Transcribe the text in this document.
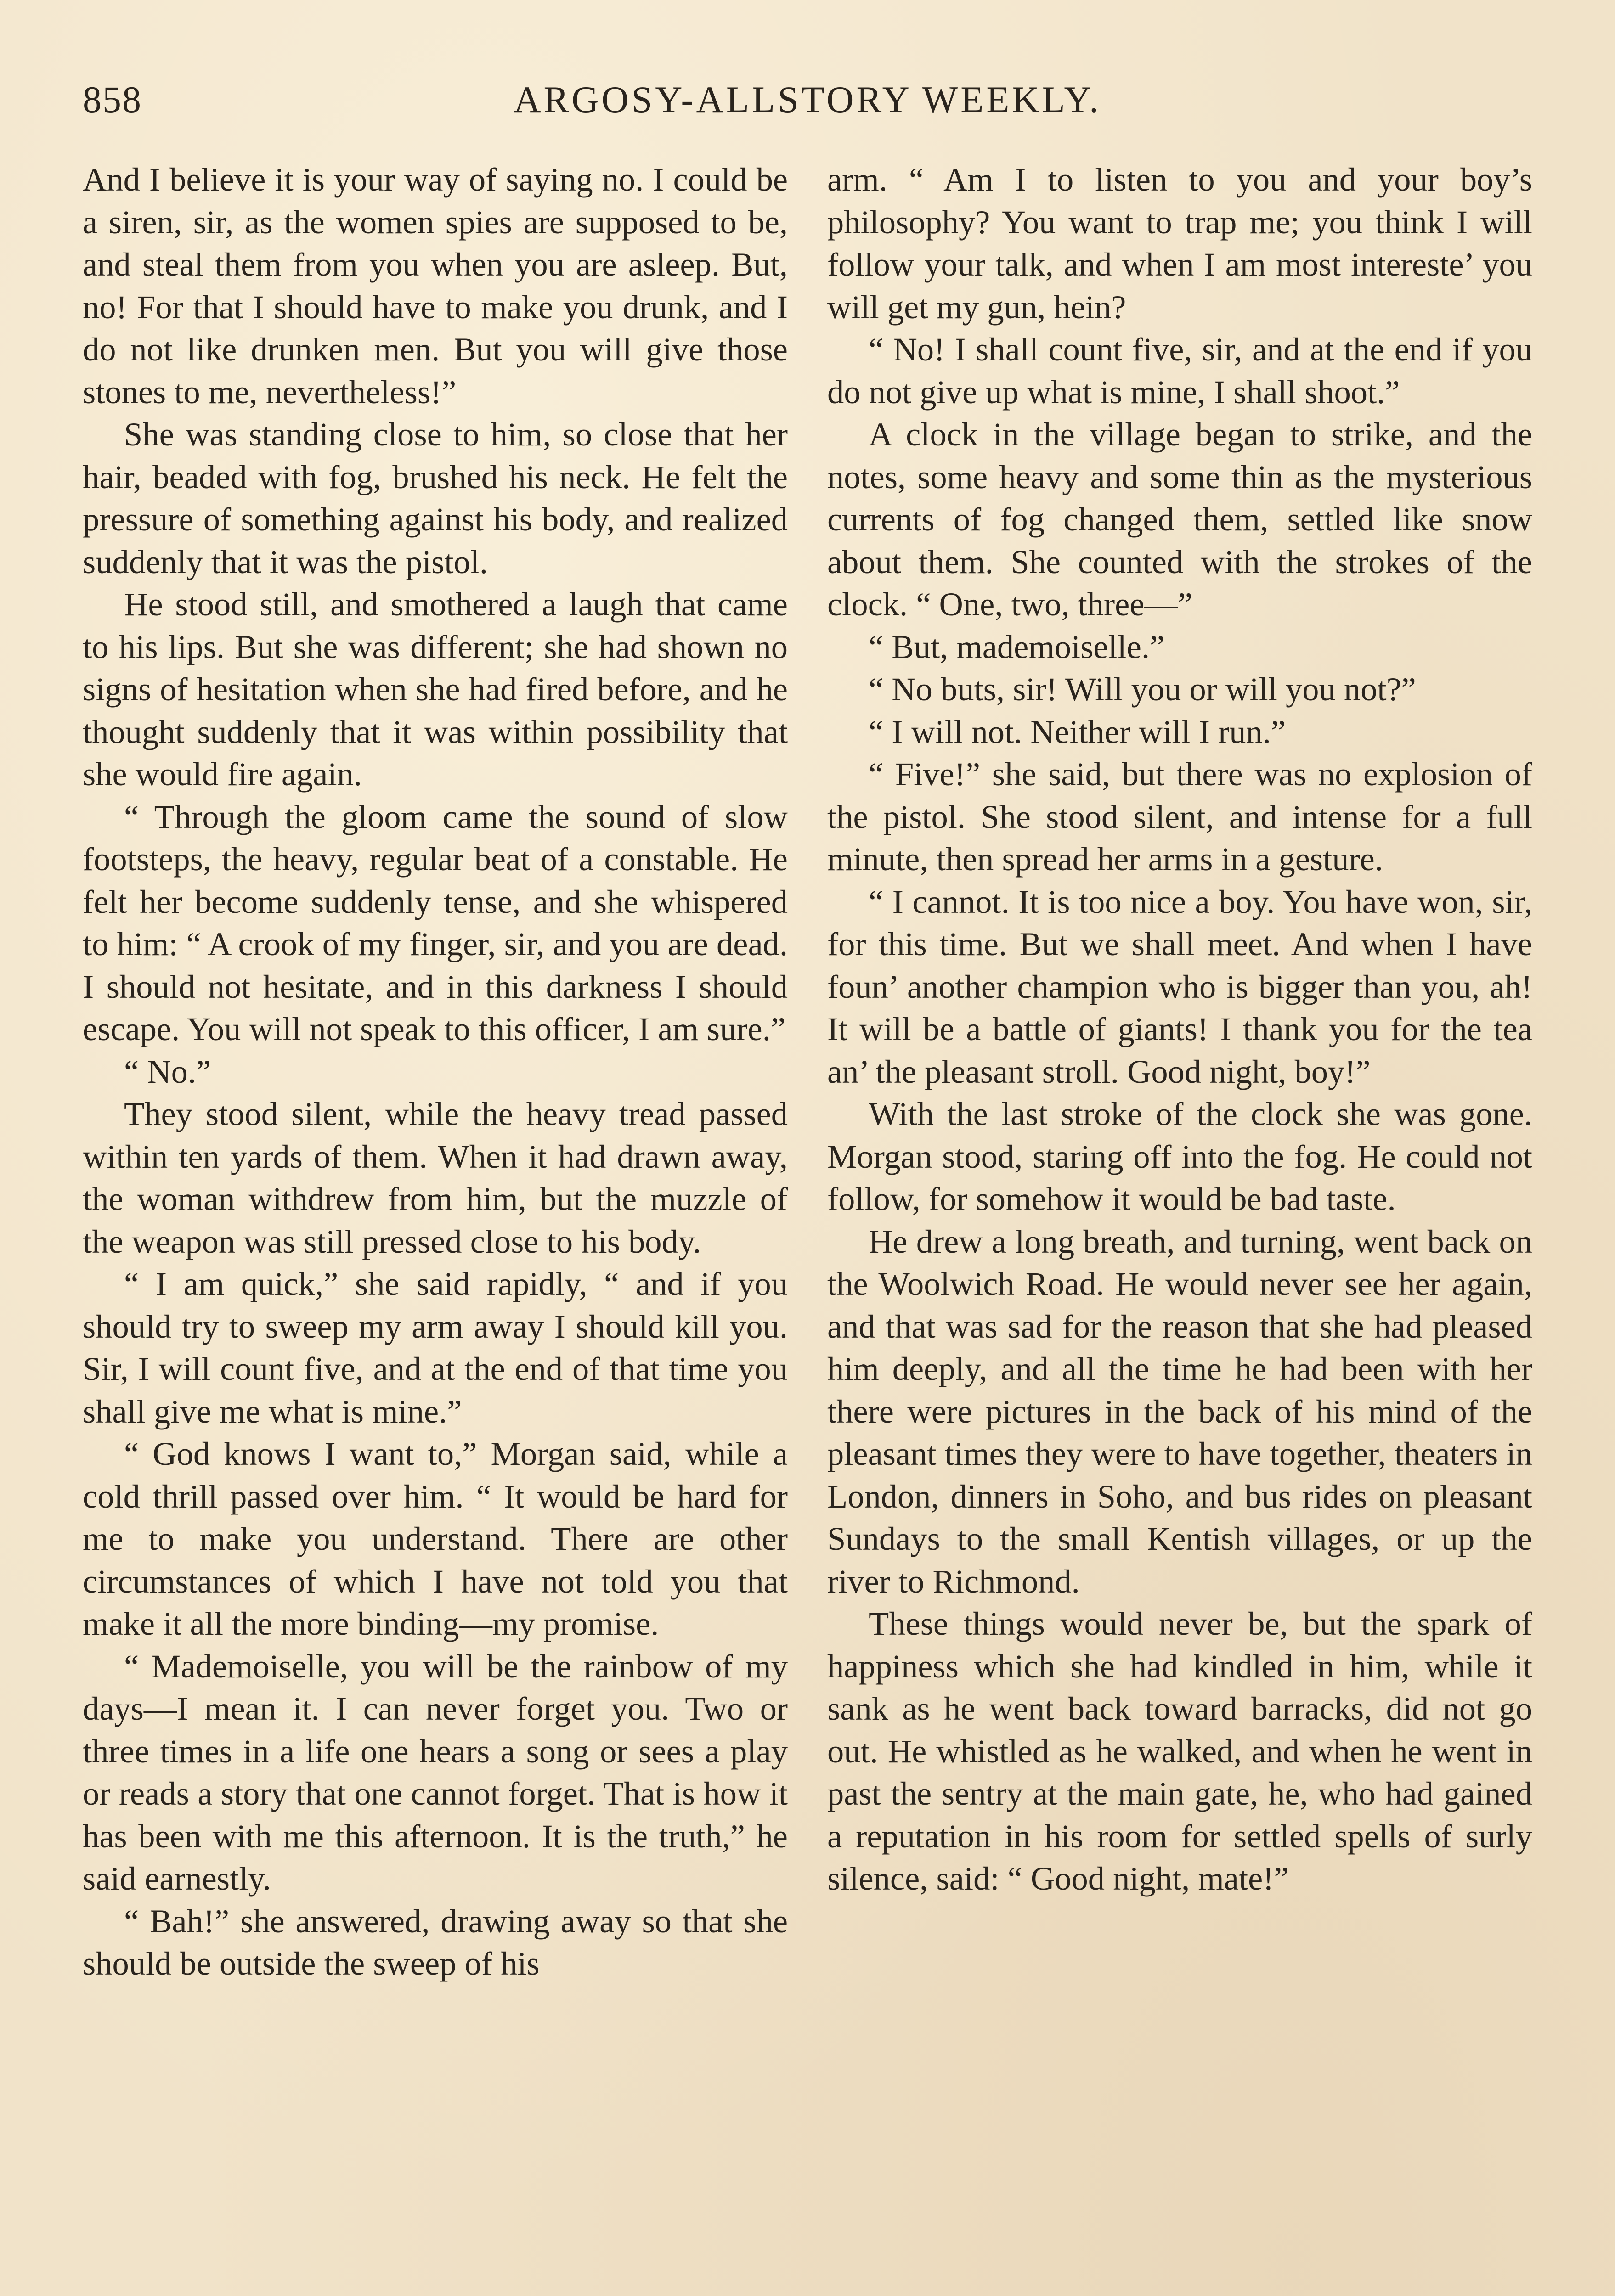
858	ARGOSY-ALLSTORY WEEKLY.

And I believe it is your way of saying no. I could be a siren, sir, as the women spies are supposed to be, and steal them from you when you are asleep. But, no! For that I should have to make you drunk, and I do not like drunken men. But you will give those stones to me, nevertheless!”

She was standing close to him, so close that her hair, beaded with fog, brushed his neck. He felt the pressure of something against his body, and realized suddenly that it was the pistol.

He stood still, and smothered a laugh that came to his lips. But she was different; she had shown no signs of hesitation when she had fired before, and he thought suddenly that it was within possibility that she would fire again.

“ Through the gloom came the sound of slow footsteps, the heavy, regular beat of a constable. He felt her become suddenly tense, and she whispered to him: “ A crook of my finger, sir, and you are dead. I should not hesitate, and in this darkness I should escape. You will not speak to this officer, I am sure.”

“ No.”

They stood silent, while the heavy tread passed within ten yards of them. When it had drawn away, the woman withdrew from him, but the muzzle of the weapon was still pressed close to his body.

“ I am quick,” she said rapidly, “ and if you should try to sweep my arm away I should kill you. Sir, I will count five, and at the end of that time you shall give me what is mine.”

“ God knows I want to,” Morgan said, while a cold thrill passed over him. “ It would be hard for me to make you understand. There are other circumstances of which I have not told you that make it all the more binding—my promise.

“ Mademoiselle, you will be the rainbow of my days—I mean it. I can never forget you. Two or three times in a life one hears a song or sees a play or reads a story that one cannot forget. That is how it has been with me this afternoon. It is the truth,” he said earnestly.

“ Bah!” she answered, drawing away so that she should be outside the sweep of his

arm. “ Am I to listen to you and your boy’s philosophy? You want to trap me; you think I will follow your talk, and when I am most intereste’ you will get my gun, hein?

“ No! I shall count five, sir, and at the end if you do not give up what is mine, I shall shoot.”

A clock in the village began to strike, and the notes, some heavy and some thin as the mysterious currents of fog changed them, settled like snow about them. She counted with the strokes of the clock. “ One, two, three—”

“ But, mademoiselle.”

“ No buts, sir! Will you or will you not?”

“ I will not. Neither will I run.”

“ Five!” she said, but there was no explosion of the pistol. She stood silent, and intense for a full minute, then spread her arms in a gesture.

“ I cannot. It is too nice a boy. You have won, sir, for this time. But we shall meet. And when I have foun’ another champion who is bigger than you, ah! It will be a battle of giants! I thank you for the tea an’ the pleasant stroll. Good night, boy!”

With the last stroke of the clock she was gone. Morgan stood, staring off into the fog. He could not follow, for somehow it would be bad taste.

He drew a long breath, and turning, went back on the Woolwich Road. He would never see her again, and that was sad for the reason that she had pleased him deeply, and all the time he had been with her there were pictures in the back of his mind of the pleasant times they were to have together, theaters in London, dinners in Soho, and bus rides on pleasant Sundays to the small Kentish villages, or up the river to Richmond.

These things would never be, but the spark of happiness which she had kindled in him, while it sank as he went back toward barracks, did not go out. He whistled as he walked, and when he went in past the sentry at the main gate, he, who had gained a reputation in his room for settled spells of surly silence, said: “ Good night, mate!”
